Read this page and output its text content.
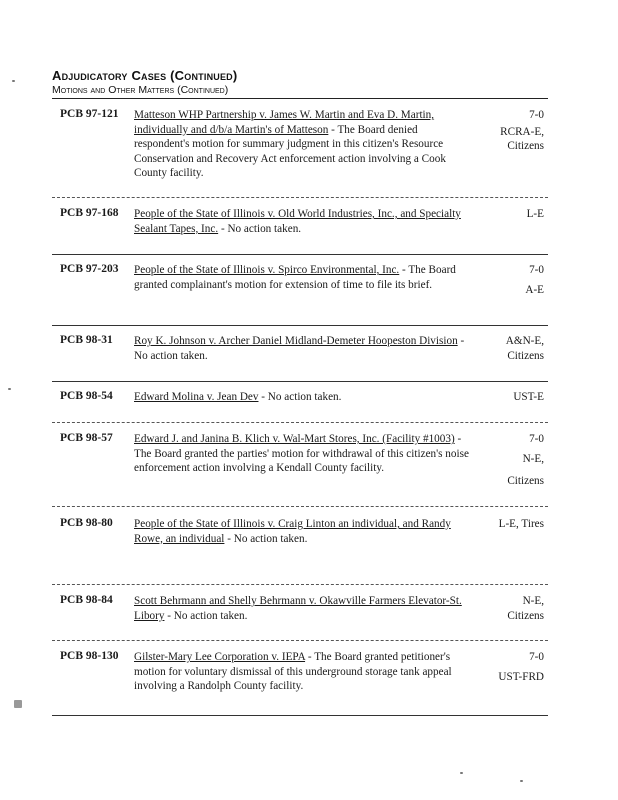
Adjudicatory Cases (Continued)
Motions and Other Matters (Continued)
PCB 97-121 Matteson WHP Partnership v. James W. Martin and Eva D. Martin, individually and d/b/a Martin's of Matteson - The Board denied respondent's motion for summary judgment in this citizen's Resource Conservation and Recovery Act enforcement action involving a Cook County facility.
7-0
RCRA-E,
Citizens
PCB 97-168 People of the State of Illinois v. Old World Industries, Inc., and Specialty Sealant Tapes, Inc. - No action taken.
L-E
PCB 97-203 People of the State of Illinois v. Spirco Environmental, Inc. - The Board granted complainant's motion for extension of time to file its brief.
7-0
A-E
PCB 98-31 Roy K. Johnson v. Archer Daniel Midland-Demeter Hoopeston Division - No action taken.
A&N-E,
Citizens
PCB 98-54 Edward Molina v. Jean Dev - No action taken.	UST-E
PCB 98-57 Edward J. and Janina B. Klich v. Wal-Mart Stores, Inc. (Facility #1003) - The Board granted the parties' motion for withdrawal of this citizen's noise enforcement action involving a Kendall County facility.
7-0
N-E,
Citizens
PCB 98-80 People of the State of Illinois v. Craig Linton an individual, and Randy Rowe, an individual - No action taken.
L-E, Tires
PCB 98-84 Scott Behrmann and Shelly Behrmann v. Okawville Farmers Elevator-St. Libory - No action taken.
N-E,
Citizens
PCB 98-130 Gilster-Mary Lee Corporation v. IEPA - The Board granted petitioner's motion for voluntary dismissal of this underground storage tank appeal involving a Randolph County facility.
7-0
UST-FRD
